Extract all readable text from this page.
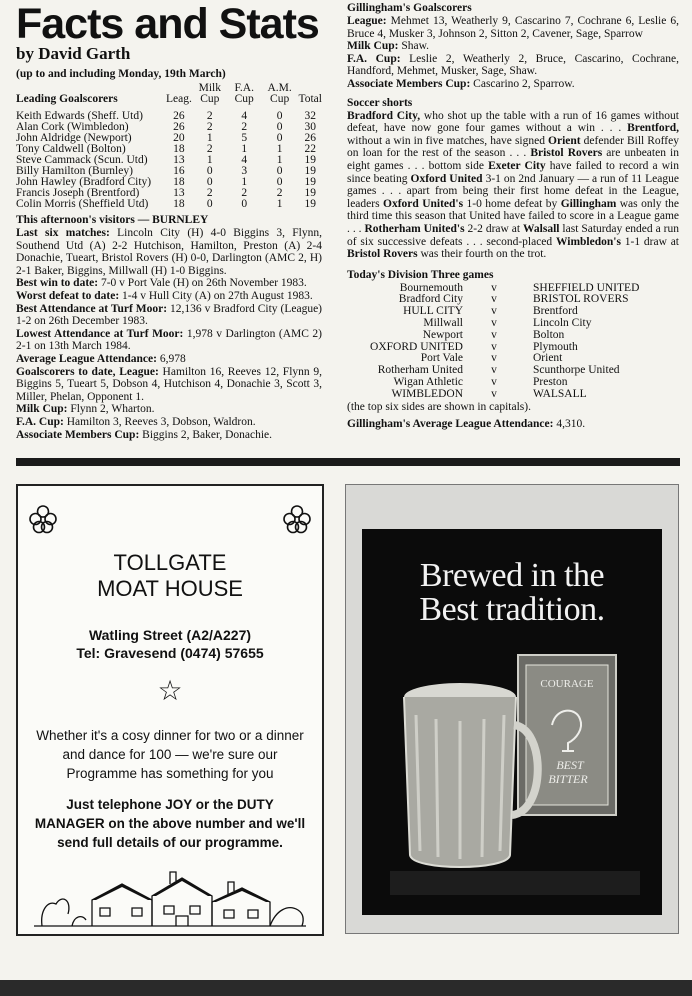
Facts and Stats
by David Garth
(up to and including Monday, 19th March)
Leading Goalscorers	Leag.	Milk Cup	F.A. Cup	A.M. Cup	Total

Keith Edwards (Sheff. Utd)	26	2	4	0	32
Alan Cork (Wimbledon)	26	2	2	0	30
John Aldridge (Newport)	20	1	5	0	26
Tony Caldwell (Bolton)	18	2	1	1	22
Steve Cammack (Scun. Utd)	13	1	4	1	19
Billy Hamilton (Burnley)	16	0	3	0	19
John Hawley (Bradford City)	18	0	1	0	19
Francis Joseph (Brentford)	13	2	2	2	19
Colin Morris (Sheffield Utd)	18	0	0	1	19
This afternoon's visitors — BURNLEY

Last six matches: Lincoln City (H) 4-0 Biggins 3, Flynn, Southend Utd (A) 2-2 Hutchison, Hamilton, Preston (A) 2-4 Donachie, Tueart, Bristol Rovers (H) 0-0, Darlington (AMC 2, H) 2-1 Baker, Biggins, Millwall (H) 1-0 Biggins.

Best win to date: 7-0 v Port Vale (H) on 26th November 1983.

Worst defeat to date: 1-4 v Hull City (A) on 27th August 1983.

Best Attendance at Turf Moor: 12,136 v Bradford City (League) 1-2 on 26th December 1983.

Lowest Attendance at Turf Moor: 1,978 v Darlington (AMC 2) 2-1 on 13th March 1984.

Average League Attendance: 6,978

Goalscorers to date, League: Hamilton 16, Reeves 12, Flynn 9, Biggins 5, Tueart 5, Dobson 4, Hutchison 4, Donachie 3, Scott 3, Miller, Phelan, Opponent 1.

Milk Cup: Flynn 2, Wharton.

F.A. Cup: Hamilton 3, Reeves 3, Dobson, Waldron.

Associate Members Cup: Biggins 2, Baker, Donachie.

Gillingham's Goalscorers

League: Mehmet 13, Weatherly 9, Cascarino 7, Cochrane 6, Leslie 6, Bruce 4, Musker 3, Johnson 2, Sitton 2, Cavener, Sage, Sparrow

Milk Cup: Shaw.

F.A. Cup: Leslie 2, Weatherly 2, Bruce, Cascarino, Cochrane, Handford, Mehmet, Musker, Sage, Shaw.

Associate Members Cup: Cascarino 2, Sparrow.

Soccer shorts

Bradford City, who shot up the table with a run of 16 games without defeat, have now gone four games without a win . . . Brentford, without a win in five matches, have signed Orient defender Bill Roffey on loan for the rest of the season . . . Bristol Rovers are unbeaten in eight games . . . bottom side Exeter City have failed to record a win since beating Oxford United 3-1 on 2nd January — a run of 11 League games . . . apart from being their first home defeat in the League, leaders Oxford United's 1-0 home defeat by Gillingham was only the third time this season that United have failed to score in a League game . . . Rotherham United's 2-2 draw at Walsall last Saturday ended a run of six successive defeats . . . second-placed Wimbledon's 1-1 draw at Bristol Rovers was their fourth on the trot.

Today's Division Three games
Bournemouth	v	SHEFFIELD UNITED
Bradford City	v	BRISTOL ROVERS
HULL CITY	v	Brentford
Millwall	v	Lincoln City
Newport	v	Bolton
OXFORD UNITED	v	Plymouth
Port Vale	v	Orient
Rotherham United	v	Scunthorpe United
Wigan Athletic	v	Preston
WIMBLEDON	v	WALSALL

(the top six sides are shown in capitals).

Gillingham's Average League Attendance: 4,310.

TOLLGATE
MOAT HOUSE
Watling Street (A2/A227)
Tel: Gravesend (0474) 57655
☆
Whether it's a cosy dinner for two or a dinner and dance for 100 — we're sure our Programme has something for you
Just telephone JOY or the DUTY MANAGER on the above number and we'll send full details of our programme.
Brewed in the
Best tradition.
COURAGE
BEST
BITTER
